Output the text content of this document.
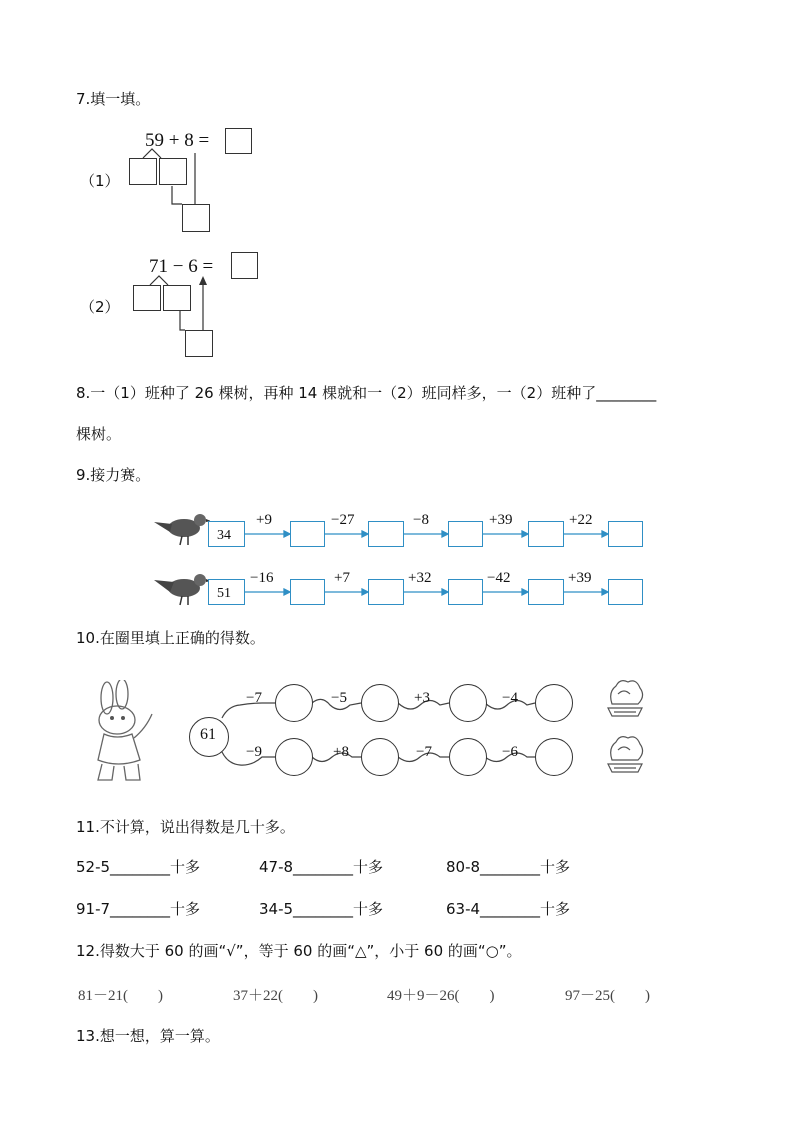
7.填一填。
59 + 8 =
（1）
71 − 6 =
（2）
8.一（1）班种了 26 棵树，再种 14 棵就和一（2）班同样多，一（2）班种了________
棵树。
9.接力赛。
34
+9	−27	−8	+39	+22
51
−16	+7	+32	−42	+39
10.在圈里填上正确的得数。
61
−7	−5	+3	−4
−9	+8	−7	−6
11.不计算，说出得数是几十多。
52-5________十多	47-8________十多	80-8________十多
91-7________十多	34-5________十多	63-4________十多
12.得数大于 60 的画“√”，等于 60 的画“△”，小于 60 的画“○”。
81－21(　　)	37＋22(　　)	49＋9－26(　　)	97－25(　　)
13.想一想，算一算。
